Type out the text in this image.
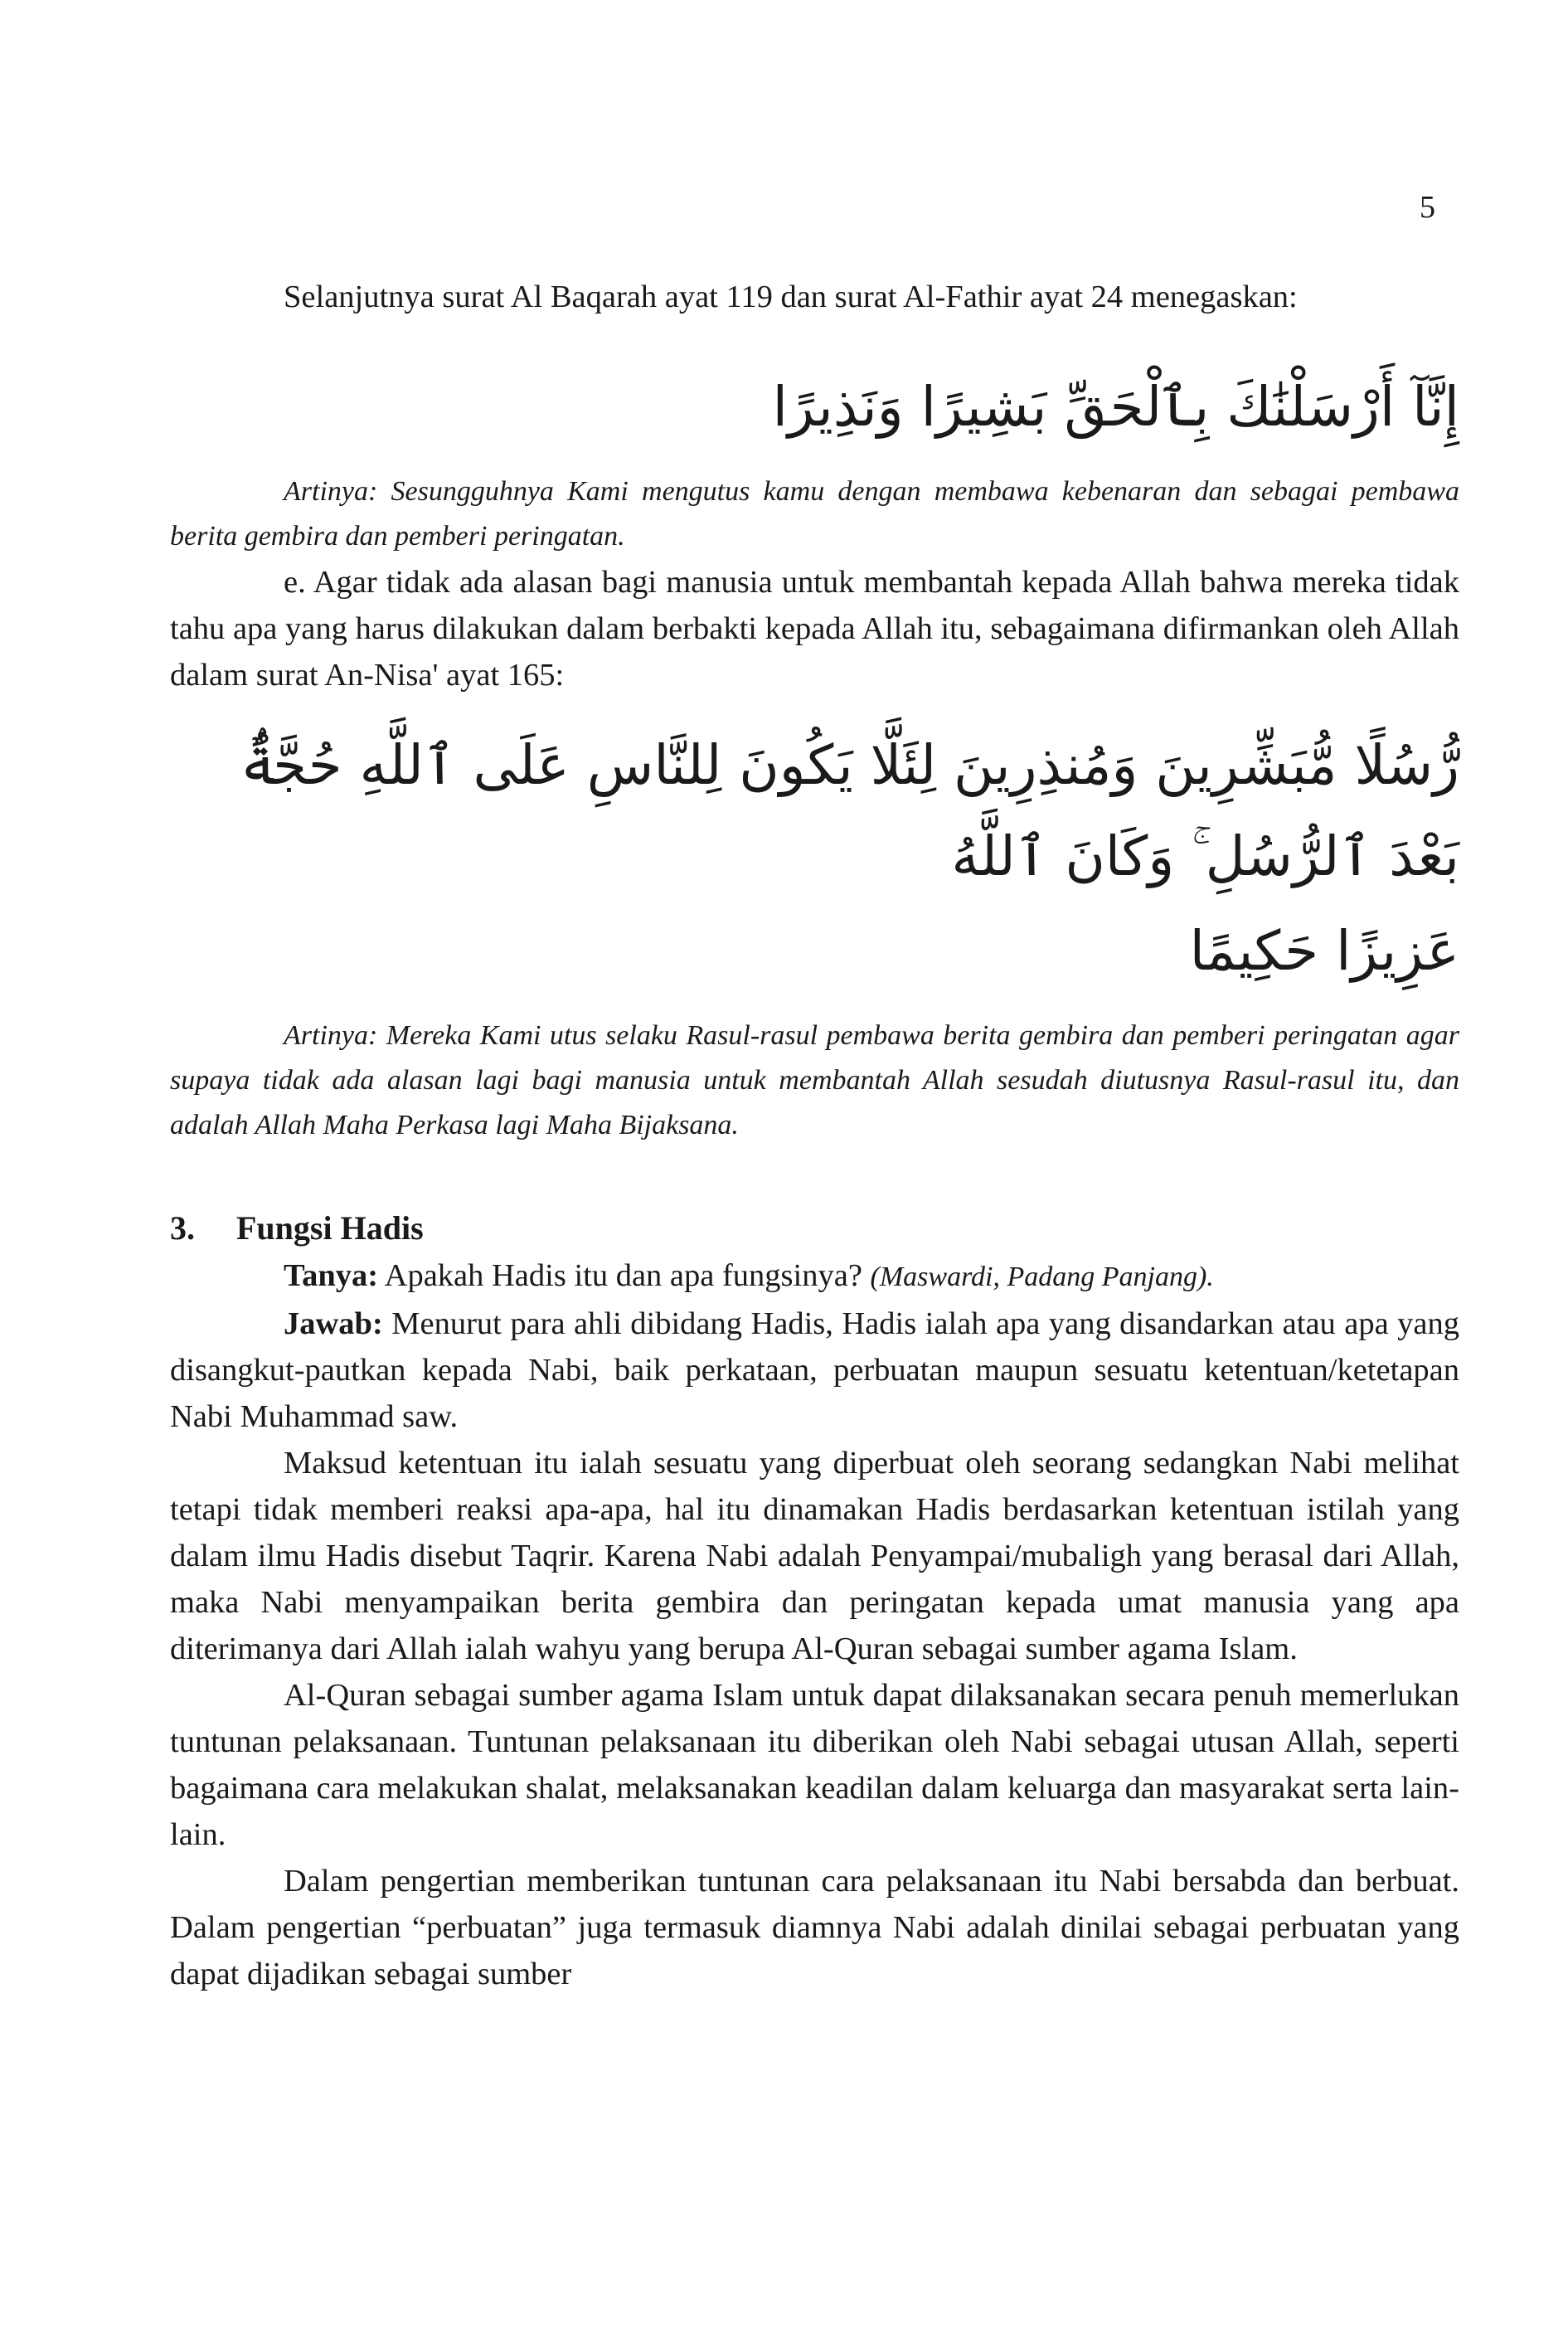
5

Selanjutnya surat Al Baqarah ayat 119 dan surat Al-Fathir ayat 24 menegaskan:

إِنَّآ أَرْسَلْنَٰكَ بِٱلْحَقِّ بَشِيرًا وَنَذِيرًا

Artinya: Sesungguhnya Kami mengutus kamu dengan membawa kebenaran dan sebagai pembawa berita gembira dan pemberi peringatan.

e. Agar tidak ada alasan bagi manusia untuk membantah kepada Allah bahwa mereka tidak tahu apa yang harus dilakukan dalam berbakti kepada Allah itu, sebagaimana difirmankan oleh Allah dalam surat An-Nisa' ayat 165:

رُّسُلًا مُّبَشِّرِينَ وَمُنذِرِينَ لِئَلَّا يَكُونَ لِلنَّاسِ عَلَى ٱللَّهِ حُجَّةٌۢ بَعْدَ ٱلرُّسُلِ ۚ وَكَانَ ٱللَّهُ

عَزِيزًا حَكِيمًا

Artinya: Mereka Kami utus selaku Rasul-rasul pembawa berita gembira dan pemberi peringatan agar supaya tidak ada alasan lagi bagi manusia untuk membantah Allah sesudah diutusnya Rasul-rasul itu, dan adalah Allah Maha Perkasa lagi Maha Bijaksana.

3.	Fungsi Hadis

Tanya: Apakah Hadis itu dan apa fungsinya? (Maswardi, Padang Panjang).

Jawab: Menurut para ahli dibidang Hadis, Hadis ialah apa yang disandarkan atau apa yang disangkut-pautkan kepada Nabi, baik perkataan, perbuatan maupun sesuatu ketentuan/ketetapan Nabi Muhammad saw.

Maksud ketentuan itu ialah sesuatu yang diperbuat oleh seorang sedangkan Nabi melihat tetapi tidak memberi reaksi apa-apa, hal itu dinamakan Hadis berdasarkan ketentuan istilah yang dalam ilmu Hadis disebut Taqrir. Karena Nabi adalah Penyampai/mubaligh yang berasal dari Allah, maka Nabi menyampaikan berita gembira dan peringatan kepada umat manusia yang apa diterimanya dari Allah ialah wahyu yang berupa Al-Quran sebagai sumber agama Islam.

Al-Quran sebagai sumber agama Islam untuk dapat dilaksanakan secara penuh memerlukan tuntunan pelaksanaan. Tuntunan pelaksanaan itu diberikan oleh Nabi sebagai utusan Allah, seperti bagaimana cara melakukan shalat, melaksanakan keadilan dalam keluarga dan masyarakat serta lain-lain.

Dalam pengertian memberikan tuntunan cara pelaksanaan itu Nabi bersabda dan berbuat. Dalam pengertian “perbuatan” juga termasuk diamnya Nabi adalah dinilai sebagai perbuatan yang dapat dijadikan sebagai sumber
